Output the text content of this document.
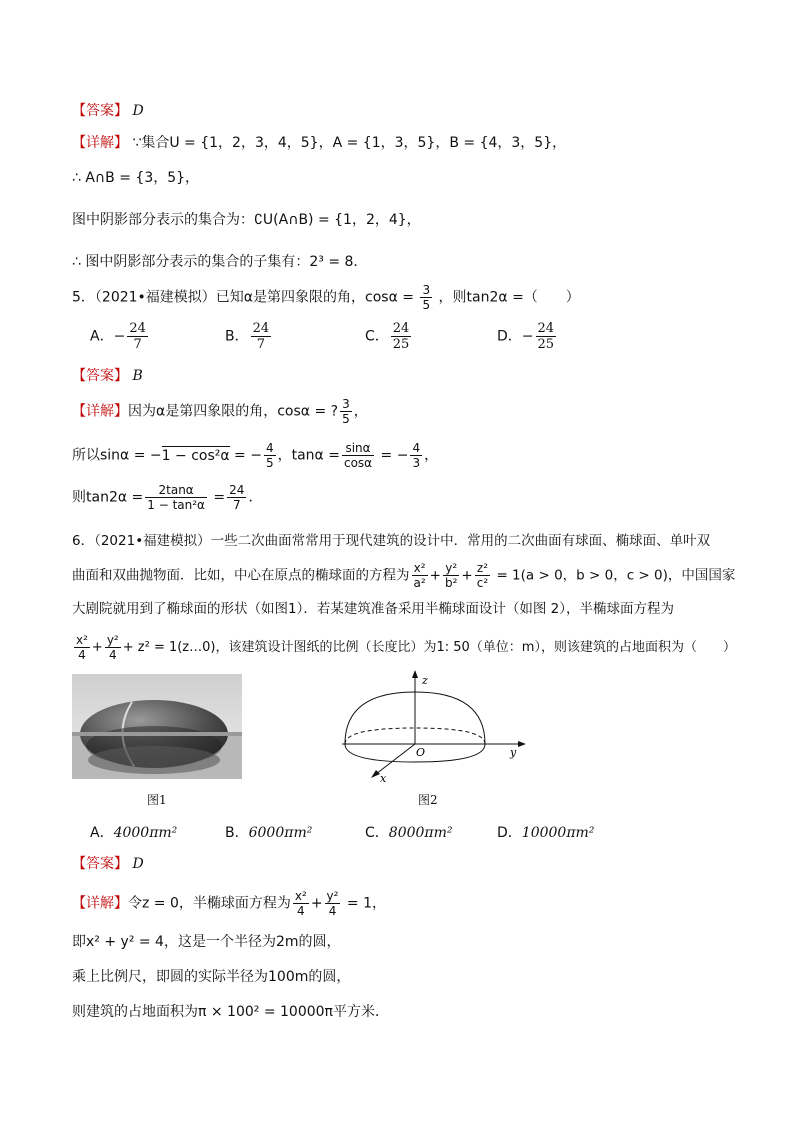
【答案】 D
【详解】 ∵集合U = {1，2，3，4，5}，A = {1，3，5}，B = {4，3，5}，
∴ A∩B = {3，5}，
图中阴影部分表示的集合为：∁U(A∩B) = {1，2，4}，
∴ 图中阴影部分表示的集合的子集有：2³ = 8．
5．（2021•福建模拟）已知α是第四象限的角，$\cos\alpha = \frac{3}{5}$ ，则tan2α =（　　）
A．− $\frac{24}{7}$	B． $\frac{24}{7}$	C． $\frac{24}{25}$	D．− $\frac{24}{25}$
【答案】 B
【详解】因为α是第四象限的角，cosα = ? $\frac{3}{5}$ ，
所以sinα = −1 − cos²α = − $\frac{4}{5}$ ，$\tan\alpha = \frac{\sin\alpha}{\cos\alpha}$ = − $\frac{4}{3}$ ，
则$\tan 2\alpha = \frac{2\tan\alpha}{\text{1 − tan²α}} = \frac{24}{7}$ ．
6．（2021•福建模拟）一些二次曲面常常用于现代建筑的设计中．常用的二次曲面有球面、椭球面、单叶双
曲面和双曲抛物面．比如，中心在原点的椭球面的方程为 $\frac{\text{x²}}{\text{a²}} + \frac{\text{y²}}{\text{b²}} + \frac{\text{z²}}{\text{c²}} = 1(a > 0$，b > 0，c > 0)，中国国家
大剧院就用到了椭球面的形状（如图1）．若某建筑准备采用半椭球面设计（如图 2），半椭球面方程为
$\frac{\text{x²}}{4} + \frac{\text{y²}}{4} + z^2$ = 1(z…0)，该建筑设计图纸的比例（长度比）为1: 50（单位：m），则该建筑的占地面积为（　　）
图1
z
y
x
O
图2
A．4000πm²	B．6000πm²	C．8000πm²	D．10000πm²
【答案】 D
【详解】令z = 0，半椭球面方程为 $\frac{\text{x²}}{4} + \frac{\text{y²}}{4} = 1$，
即x² + y² = 4，这是一个半径为2m的圆，
乘上比例尺，即圆的实际半径为100m的圆，
则建筑的占地面积为π × 100² = 10000π平方米．
